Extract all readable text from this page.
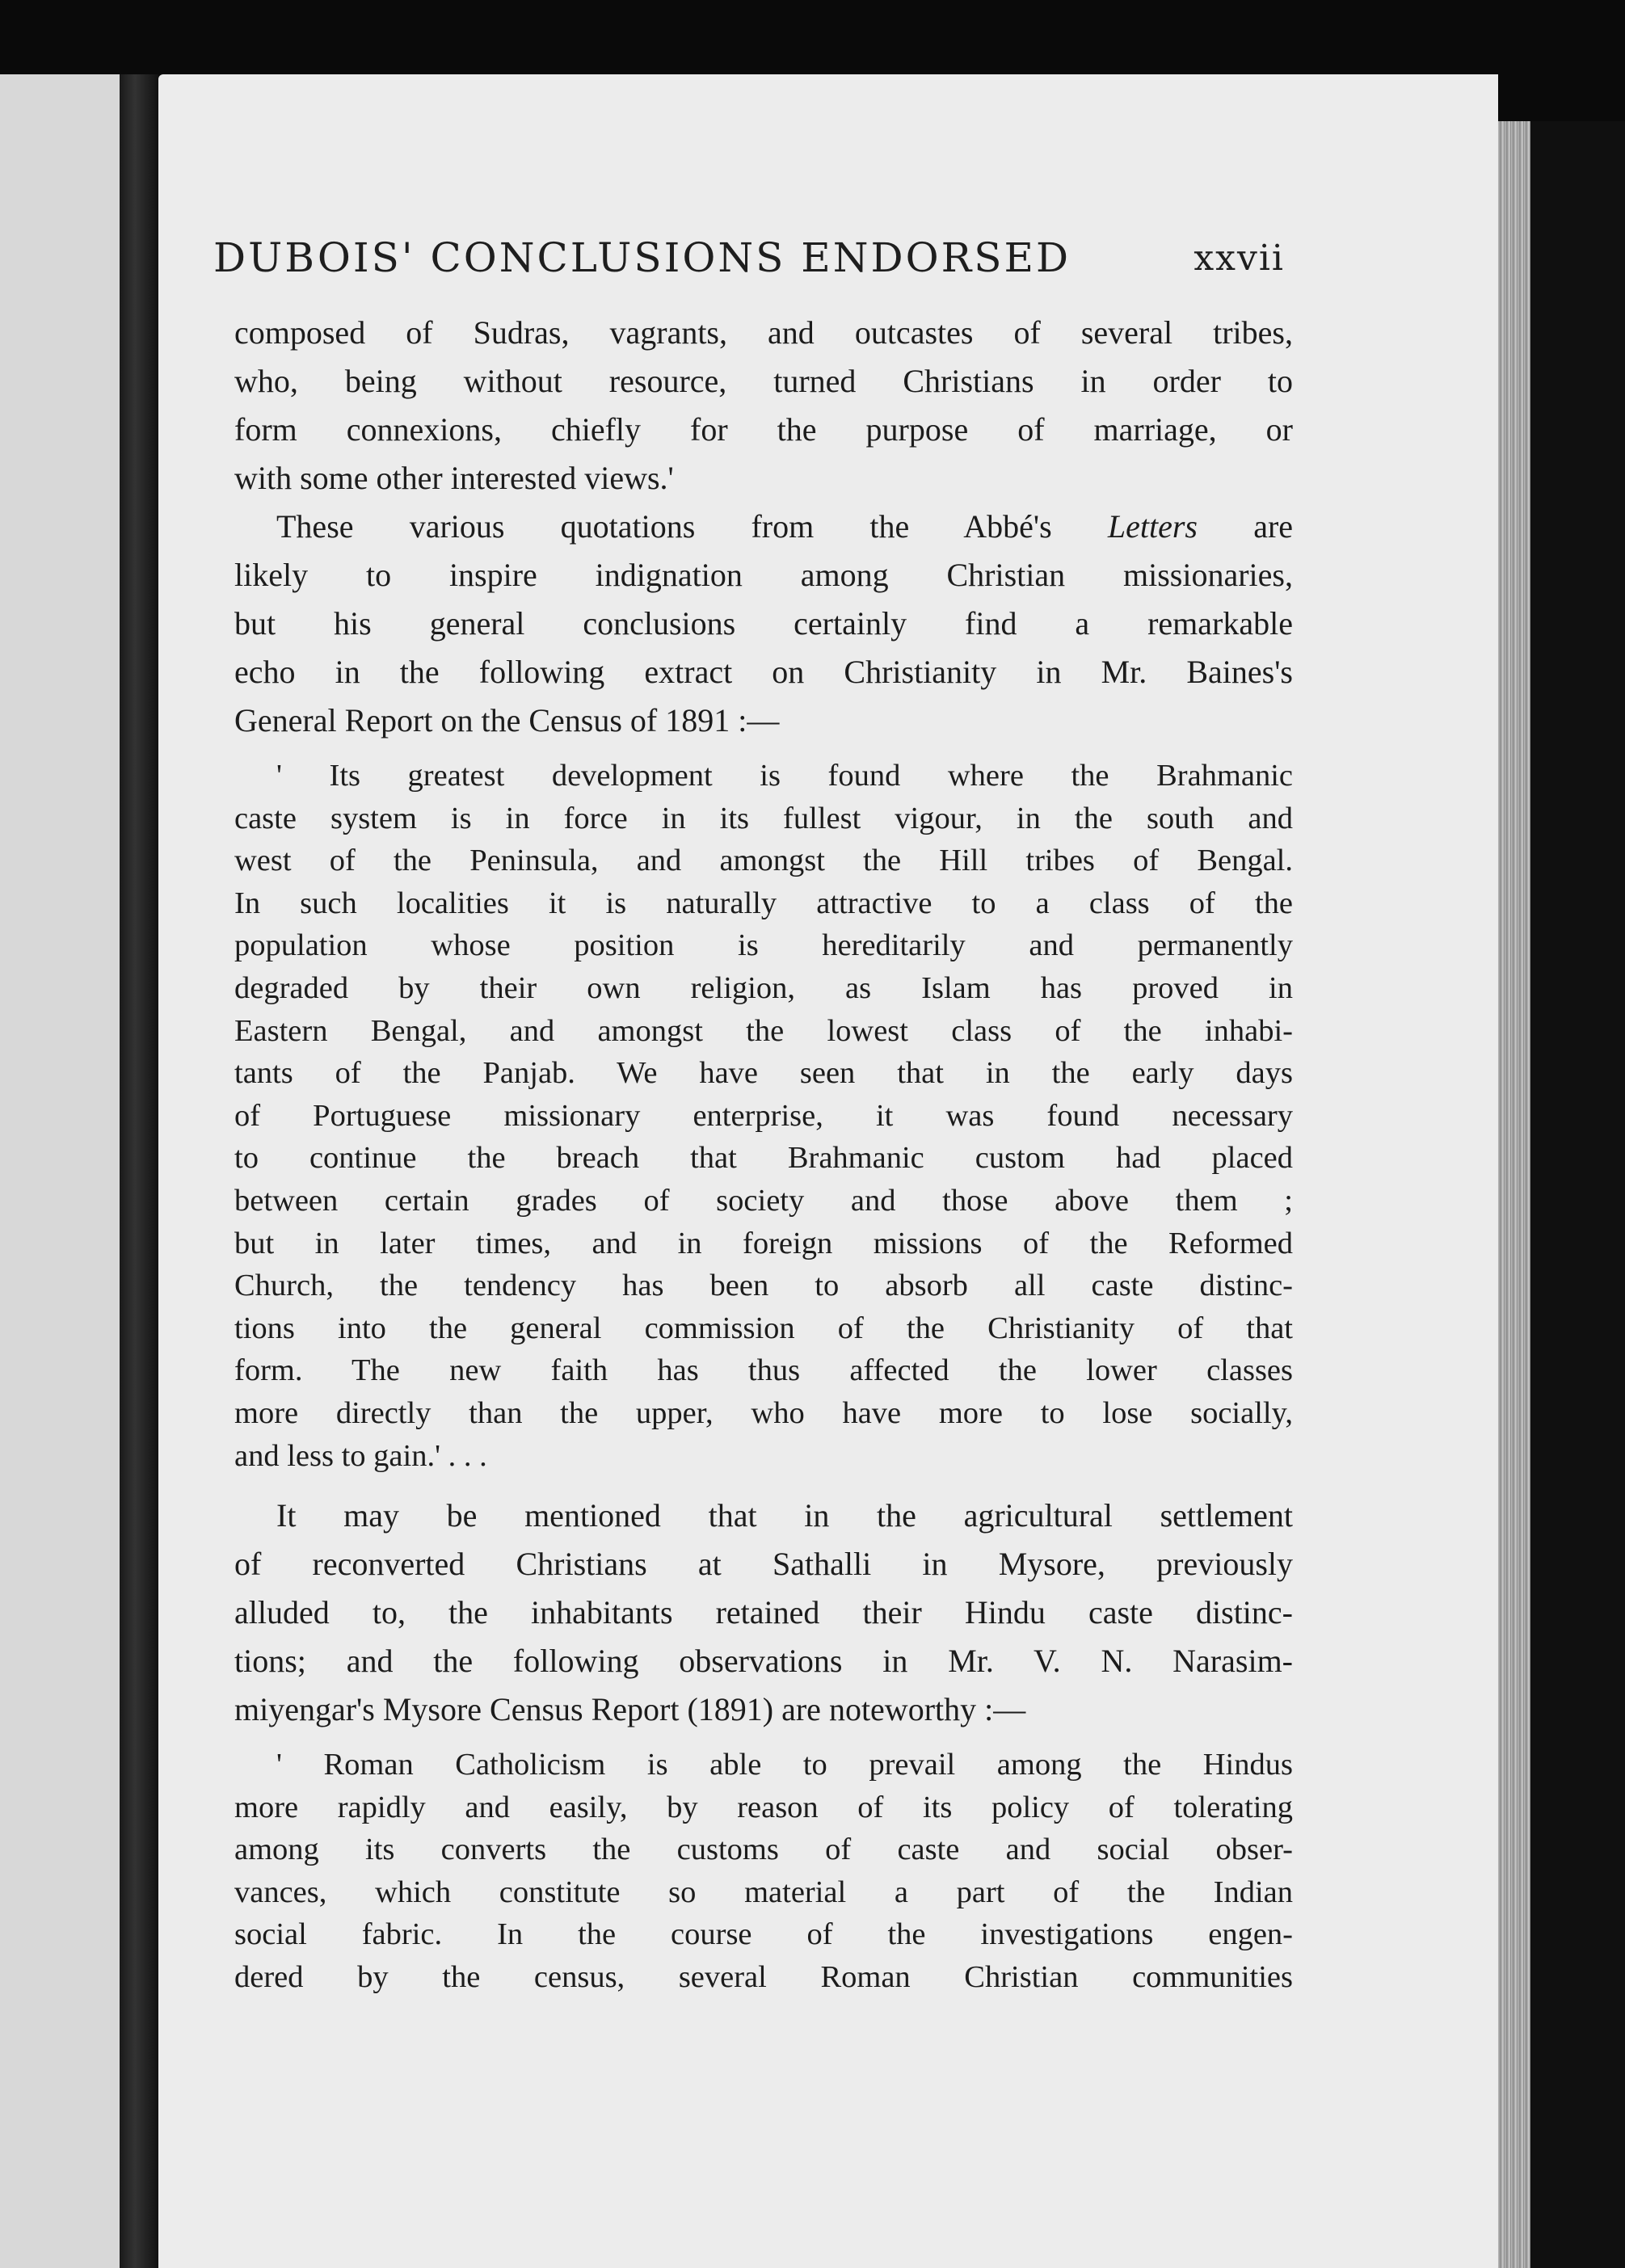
DUBOIS' CONCLUSIONS ENDORSED	xxvii

composed of Sudras, vagrants, and outcastes of several tribes,
who, being without resource, turned Christians in order to
form connexions, chiefly for the purpose of marriage, or
with some other interested views.'

These various quotations from the Abbé's Letters are
likely to inspire indignation among Christian missionaries,
but his general conclusions certainly find a remarkable
echo in the following extract on Christianity in Mr. Baines's
General Report on the Census of 1891 :—

' Its greatest development is found where the Brahmanic
caste system is in force in its fullest vigour, in the south and
west of the Peninsula, and amongst the Hill tribes of Bengal.
In such localities it is naturally attractive to a class of the
population whose position is hereditarily and permanently
degraded by their own religion, as Islam has proved in
Eastern Bengal, and amongst the lowest class of the inhabi-
tants of the Panjab. We have seen that in the early days
of Portuguese missionary enterprise, it was found necessary
to continue the breach that Brahmanic custom had placed
between certain grades of society and those above them ;
but in later times, and in foreign missions of the Reformed
Church, the tendency has been to absorb all caste distinc-
tions into the general commission of the Christianity of that
form. The new faith has thus affected the lower classes
more directly than the upper, who have more to lose socially,
and less to gain.' . . .

It may be mentioned that in the agricultural settlement
of reconverted Christians at Sathalli in Mysore, previously
alluded to, the inhabitants retained their Hindu caste distinc-
tions; and the following observations in Mr. V. N. Narasim-
miyengar's Mysore Census Report (1891) are noteworthy :—

' Roman Catholicism is able to prevail among the Hindus
more rapidly and easily, by reason of its policy of tolerating
among its converts the customs of caste and social obser-
vances, which constitute so material a part of the Indian
social fabric. In the course of the investigations engen-
dered by the census, several Roman Christian communities
